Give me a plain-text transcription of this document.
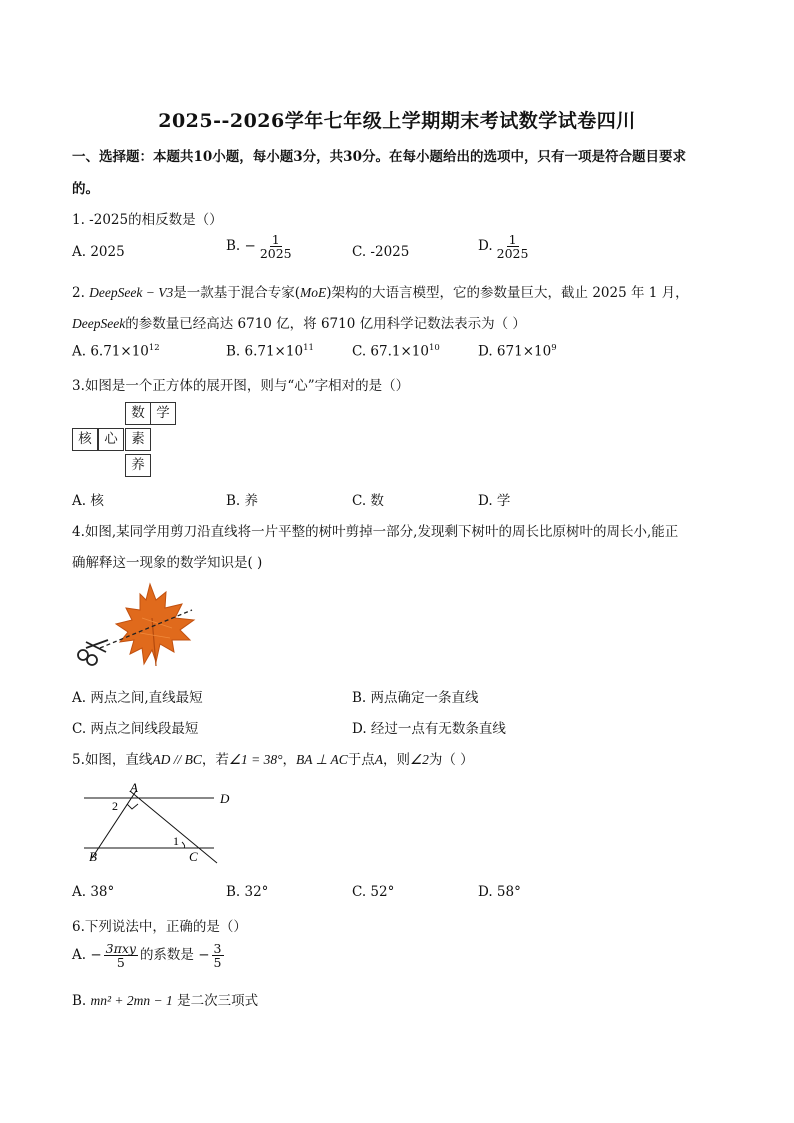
2025--2026学年七年级上学期期末考试数学试卷四川
一、选择题：本题共10小题，每小题3分，共30分。在每小题给出的选项中，只有一项是符合题目要求
的。
1. -2025的相反数是（）
A. 2025	B. − $\frac{1}{2025}$	C. -2025	D. $\frac{1}{2025}$
2. DeepSeek − V3是一款基于混合专家(MoE)架构的大语言模型，它的参数量巨大，截止 2025 年 1 月，
DeepSeek的参数量已经高达 6710 亿，将 6710 亿用科学记数法表示为（ ）
A. $6.71\times 10^{12}$	B. $6.71\times 10^{11}$	C. $67.1\times 10^{10}$	D. $671\times 10^9$
3.如图是一个正方体的展开图，则与“心”字相对的是（）
数 学
核 心	素
养
A. 核	B. 养	C. 数	D. 学
4.如图,某同学用剪刀沿直线将一片平整的树叶剪掉一部分,发现剩下树叶的周长比原树叶的周长小,能正
确解释这一现象的数学知识是( )
A. 两点之间,直线最短	B. 两点确定一条直线
C. 两点之间线段最短	D. 经过一点有无数条直线
5.如图，直线AD // BC，若∠1 = 38°，BA ⊥ AC于点A，则∠2为（ ）
A
D
B	C
1
2
A. 38°	B. 32°	C. 52°	D. 58°
6.下列说法中，正确的是（）
A. − $\frac{\text{3πxy}}{5}$ 的系数是 − $\frac{3}{5}$
B. mn² + 2mn − 1 是二次三项式
